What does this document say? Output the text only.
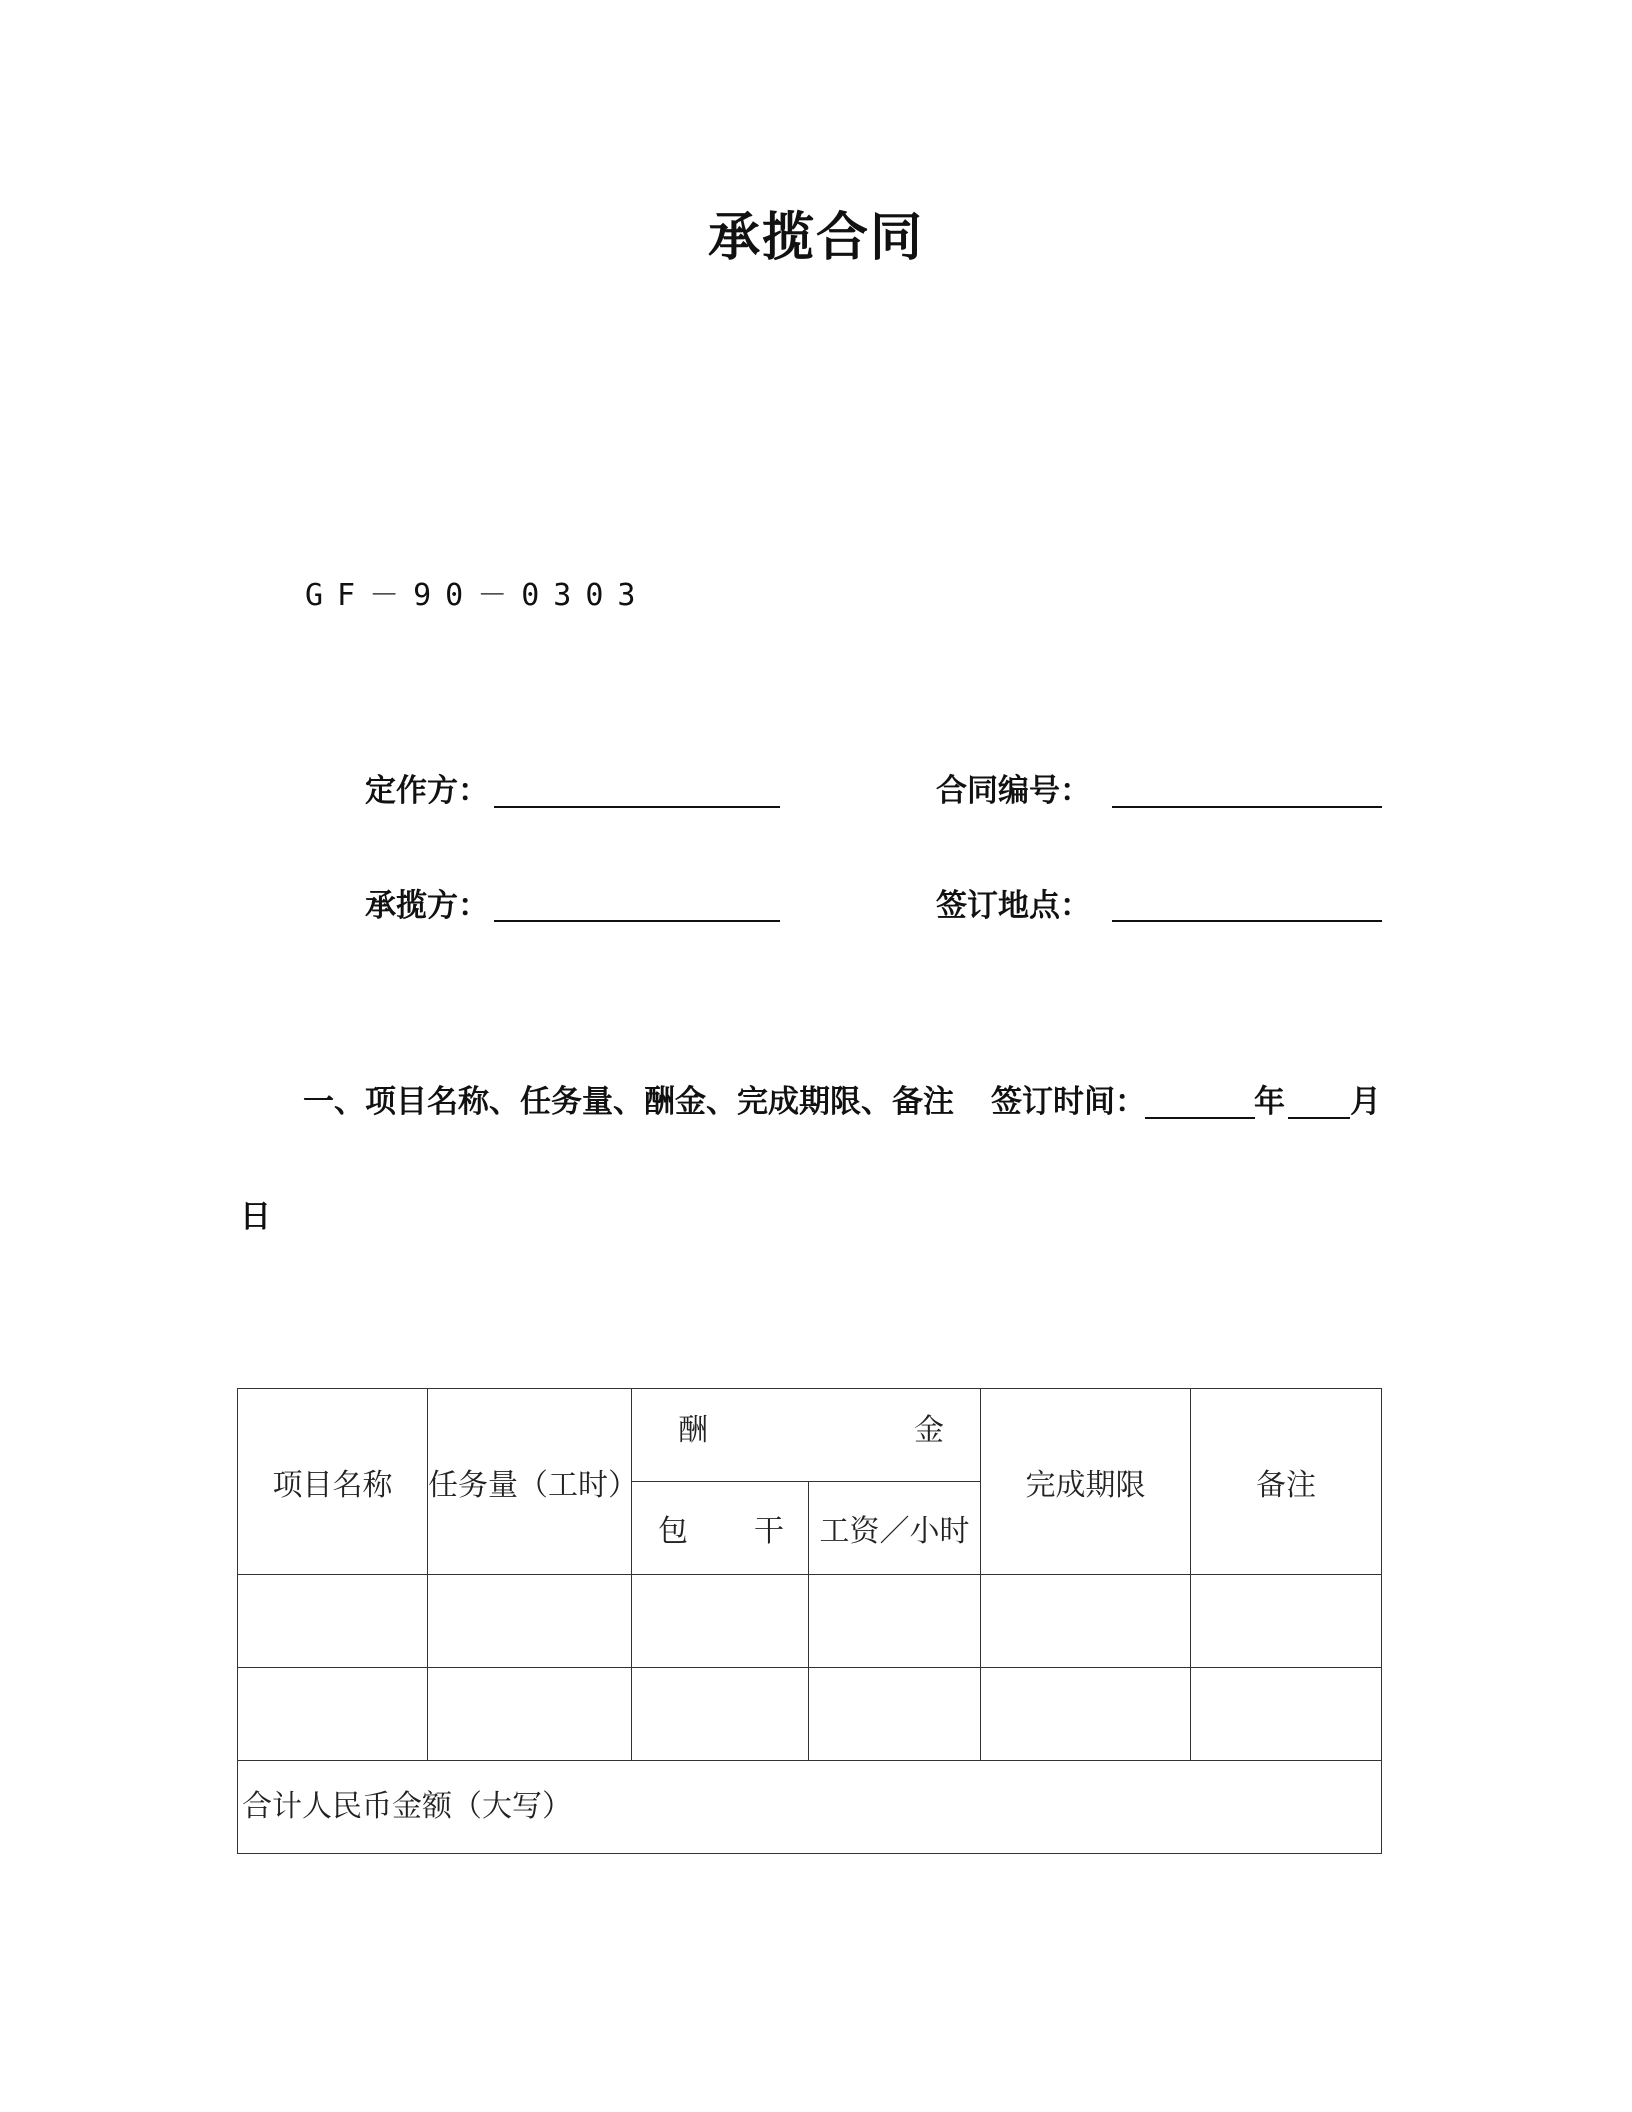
承揽合同
GF－90－0303
定作方：	合同编号：
承揽方：	签订地点：
一、项目名称、任务量、酬金、完成期限、备注 签订时间：	年 月
日
项目名称	任务量（工时）	酬 金		完成期限	备注

		包 干	工资／小时		

合计人民币金额（大写）					
